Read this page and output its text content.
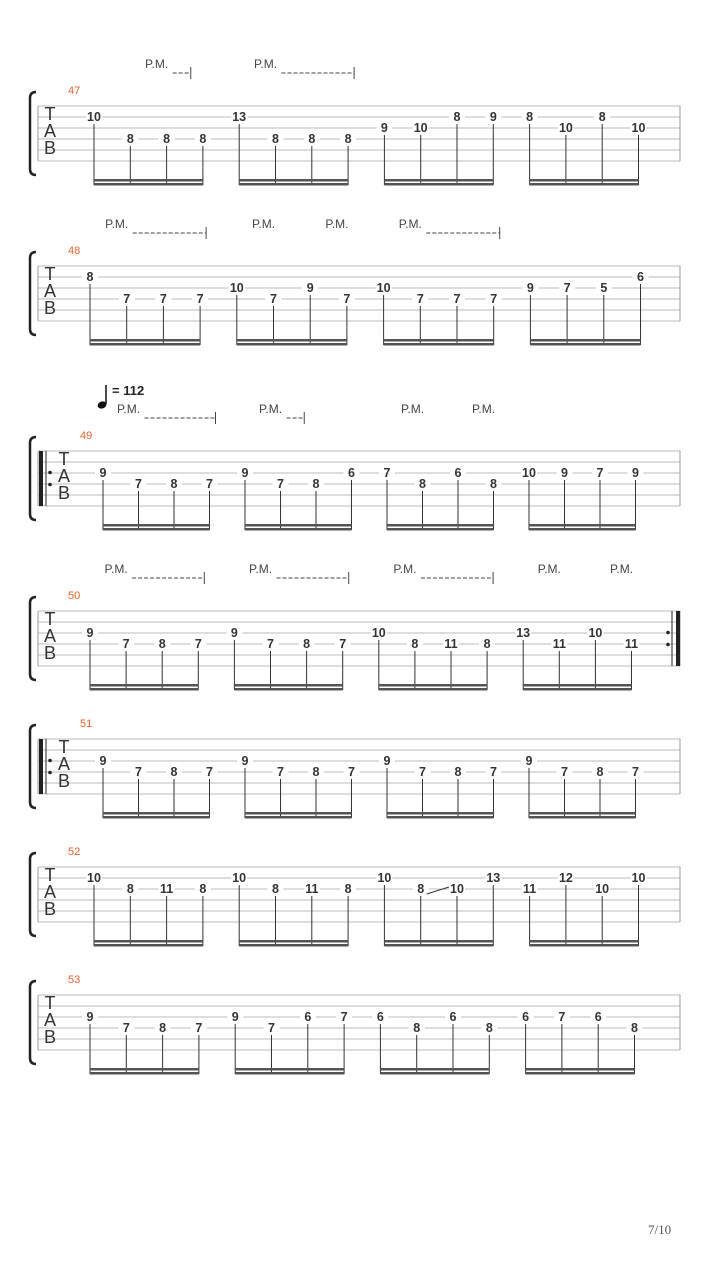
47
T
A
B
10
8 8 8
13
8 8 8
9 10
8 9 8
10
8
10
P.M.	P.M.
48
T
A
B
8
7 7 7
10
7
9
7
10
7 7 7
9 7 5
6
P.M.	P.M.	P.M.	P.M.
49
T
A
B
9
7 8 7
9
7 8
6 7
8
6
8
10 9 7 9
P.M.	P.M.	P.M.	P.M.
= 112
50
T
A
B
9
7 8 7
9
7 8 7
10
8 11 8
13
11
10
11
P.M.	P.M.	P.M.	P.M.	P.M.
51
T
A
B
9
7 8 7
9
7 8 7
9
7 8 7
9
7 8 7
52
T
A
B
10
8 11 8
10
8 11 8
10
8 10
13
11
12
10
10
53
T
A
B
9
7 8 7
9
7
6 7 6
8
6
8
6 7 6
8
7/10
